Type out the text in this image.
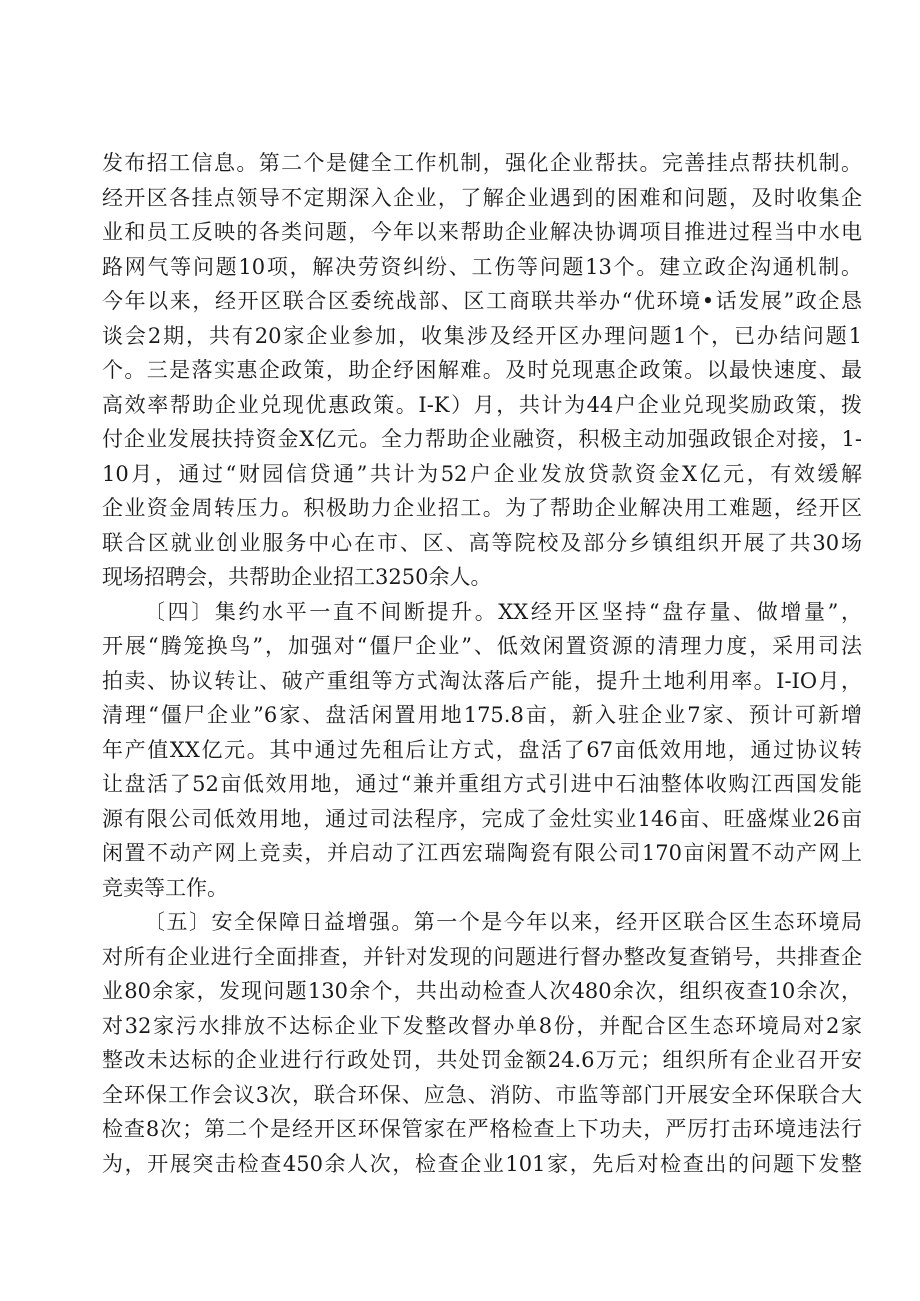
发布招工信息。第二个是健全工作机制，强化企业帮扶。完善挂点帮扶机制。
经开区各挂点领导不定期深入企业，了解企业遇到的困难和问题，及时收集企
业和员工反映的各类问题，今年以来帮助企业解决协调项目推进过程当中水电
路网气等问题10项，解决劳资纠纷、工伤等问题13个。建立政企沟通机制。
今年以来，经开区联合区委统战部、区工商联共举办“优环境•话发展”政企恳
谈会2期，共有20家企业参加，收集涉及经开区办理问题1个，已办结问题1
个。三是落实惠企政策，助企纾困解难。及时兑现惠企政策。以最快速度、最
高效率帮助企业兑现优惠政策。I-K）月，共计为44户企业兑现奖励政策，拨
付企业发展扶持资金X亿元。全力帮助企业融资，积极主动加强政银企对接，1-
10月，通过“财园信贷通”共计为52户企业发放贷款资金X亿元，有效缓解
企业资金周转压力。积极助力企业招工。为了帮助企业解决用工难题，经开区
联合区就业创业服务中心在市、区、高等院校及部分乡镇组织开展了共30场
现场招聘会，共帮助企业招工3250余人。
〔四〕集约水平一直不间断提升。XX经开区坚持“盘存量、做增量”，
开展“腾笼换鸟”，加强对“僵尸企业”、低效闲置资源的清理力度，采用司法
拍卖、协议转让、破产重组等方式淘汰落后产能，提升土地利用率。I-IO月，
清理“僵尸企业”6家、盘活闲置用地175.8亩，新入驻企业7家、预计可新增
年产值XX亿元。其中通过先租后让方式，盘活了67亩低效用地，通过协议转
让盘活了52亩低效用地，通过“兼并重组方式引进中石油整体收购江西国发能
源有限公司低效用地，通过司法程序，完成了金灶实业146亩、旺盛煤业26亩
闲置不动产网上竞卖，并启动了江西宏瑞陶瓷有限公司170亩闲置不动产网上
竞卖等工作。
〔五〕安全保障日益增强。第一个是今年以来，经开区联合区生态环境局
对所有企业进行全面排查，并针对发现的问题进行督办整改复查销号，共排查企
业80余家，发现问题130余个，共出动检查人次480余次，组织夜查10余次，
对32家污水排放不达标企业下发整改督办单8份，并配合区生态环境局对2家
整改未达标的企业进行行政处罚，共处罚金额24.6万元；组织所有企业召开安
全环保工作会议3次，联合环保、应急、消防、市监等部门开展安全环保联合大
检查8次；第二个是经开区环保管家在严格检查上下功夫，严厉打击环境违法行
为，开展突击检查450余人次，检查企业101家，先后对检查出的问题下发整
